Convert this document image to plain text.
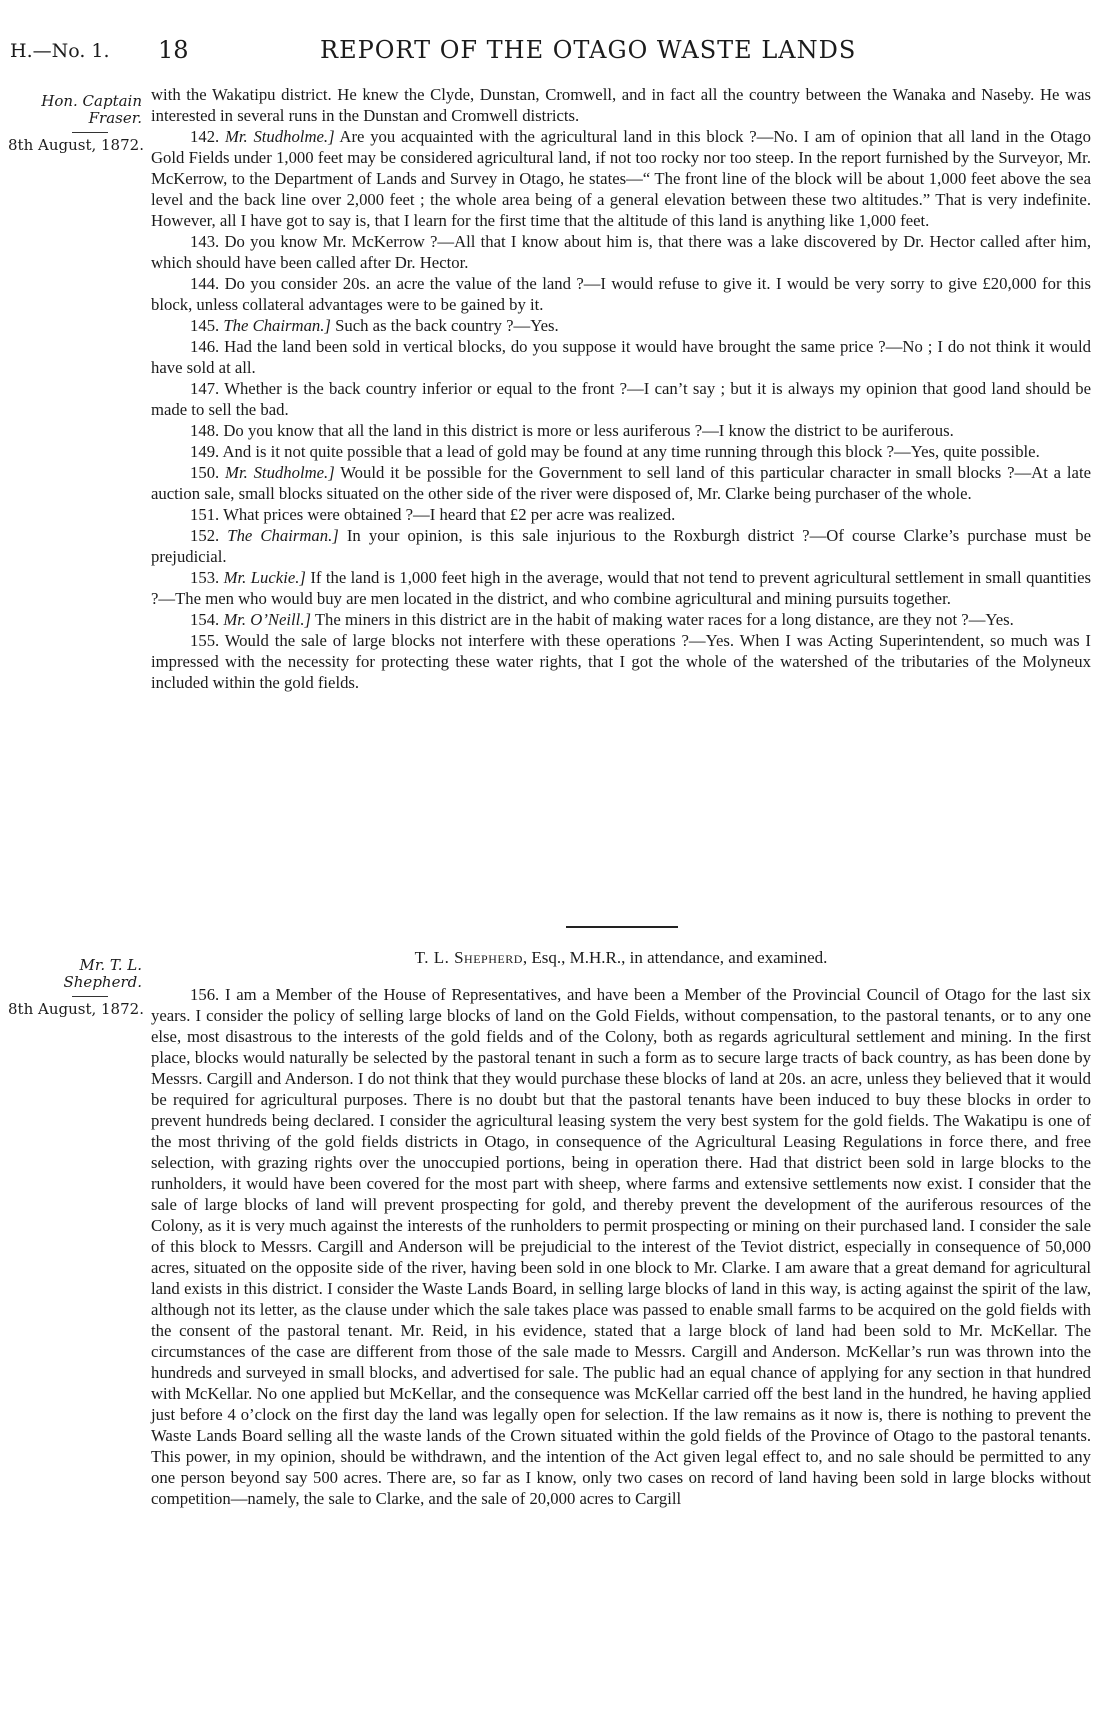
H.—No. 1. 18	REPORT OF THE OTAGO WASTE LANDS
Hon. Captain Fraser.
8th August, 1872.

with the Wakatipu district. He knew the Clyde, Dunstan, Cromwell, and in fact all the country between the Wanaka and Naseby. He was interested in several runs in the Dunstan and Cromwell districts.

142. Mr. Studholme.] Are you acquainted with the agricultural land in this block ?—No. I am of opinion that all land in the Otago Gold Fields under 1,000 feet may be considered agricultural land, if not too rocky nor too steep. In the report furnished by the Surveyor, Mr. McKerrow, to the Department of Lands and Survey in Otago, he states—“ The front line of the block will be about 1,000 feet above the sea level and the back line over 2,000 feet ; the whole area being of a general elevation between these two altitudes.” That is very indefinite. However, all I have got to say is, that I learn for the first time that the altitude of this land is anything like 1,000 feet.

143. Do you know Mr. McKerrow ?—All that I know about him is, that there was a lake discovered by Dr. Hector called after him, which should have been called after Dr. Hector.

144. Do you consider 20s. an acre the value of the land ?—I would refuse to give it. I would be very sorry to give £20,000 for this block, unless collateral advantages were to be gained by it.

145. The Chairman.] Such as the back country ?—Yes.

146. Had the land been sold in vertical blocks, do you suppose it would have brought the same price ?—No ; I do not think it would have sold at all.

147. Whether is the back country inferior or equal to the front ?—I can’t say ; but it is always my opinion that good land should be made to sell the bad.

148. Do you know that all the land in this district is more or less auriferous ?—I know the district to be auriferous.

149. And is it not quite possible that a lead of gold may be found at any time running through this block ?—Yes, quite possible.

150. Mr. Studholme.] Would it be possible for the Government to sell land of this particular character in small blocks ?—At a late auction sale, small blocks situated on the other side of the river were disposed of, Mr. Clarke being purchaser of the whole.

151. What prices were obtained ?—I heard that £2 per acre was realized.

152. The Chairman.] In your opinion, is this sale injurious to the Roxburgh district ?—Of course Clarke’s purchase must be prejudicial.

153. Mr. Luckie.] If the land is 1,000 feet high in the average, would that not tend to prevent agricultural settlement in small quantities ?—The men who would buy are men located in the district, and who combine agricultural and mining pursuits together.

154. Mr. O’Neill.] The miners in this district are in the habit of making water races for a long distance, are they not ?—Yes.

155. Would the sale of large blocks not interfere with these operations ?—Yes. When I was Acting Superintendent, so much was I impressed with the necessity for protecting these water rights, that I got the whole of the watershed of the tributaries of the Molyneux included within the gold fields.

Mr. T. L. Shepherd.
8th August, 1872.
T. L. Shepherd, Esq., M.H.R., in attendance, and examined.

156. I am a Member of the House of Representatives, and have been a Member of the Provincial Council of Otago for the last six years. I consider the policy of selling large blocks of land on the Gold Fields, without compensation, to the pastoral tenants, or to any one else, most disastrous to the interests of the gold fields and of the Colony, both as regards agricultural settlement and mining. In the first place, blocks would naturally be selected by the pastoral tenant in such a form as to secure large tracts of back country, as has been done by Messrs. Cargill and Anderson. I do not think that they would purchase these blocks of land at 20s. an acre, unless they believed that it would be required for agricultural purposes. There is no doubt but that the pastoral tenants have been induced to buy these blocks in order to prevent hundreds being declared. I consider the agricultural leasing system the very best system for the gold fields. The Wakatipu is one of the most thriving of the gold fields districts in Otago, in consequence of the Agricultural Leasing Regulations in force there, and free selection, with grazing rights over the unoccupied portions, being in operation there. Had that district been sold in large blocks to the runholders, it would have been covered for the most part with sheep, where farms and extensive settlements now exist. I consider that the sale of large blocks of land will prevent prospecting for gold, and thereby prevent the development of the auriferous resources of the Colony, as it is very much against the interests of the runholders to permit prospecting or mining on their purchased land. I consider the sale of this block to Messrs. Cargill and Anderson will be prejudicial to the interest of the Teviot district, especially in consequence of 50,000 acres, situated on the opposite side of the river, having been sold in one block to Mr. Clarke. I am aware that a great demand for agricultural land exists in this district. I consider the Waste Lands Board, in selling large blocks of land in this way, is acting against the spirit of the law, although not its letter, as the clause under which the sale takes place was passed to enable small farms to be acquired on the gold fields with the consent of the pastoral tenant. Mr. Reid, in his evidence, stated that a large block of land had been sold to Mr. McKellar. The circumstances of the case are different from those of the sale made to Messrs. Cargill and Anderson. McKellar’s run was thrown into the hundreds and surveyed in small blocks, and advertised for sale. The public had an equal chance of applying for any section in that hundred with McKellar. No one applied but McKellar, and the consequence was McKellar carried off the best land in the hundred, he having applied just before 4 o’clock on the first day the land was legally open for selection. If the law remains as it now is, there is nothing to prevent the Waste Lands Board selling all the waste lands of the Crown situated within the gold fields of the Province of Otago to the pastoral tenants. This power, in my opinion, should be withdrawn, and the intention of the Act given legal effect to, and no sale should be permitted to any one person beyond say 500 acres. There are, so far as I know, only two cases on record of land having been sold in large blocks without competition—namely, the sale to Clarke, and the sale of 20,000 acres to Cargill
